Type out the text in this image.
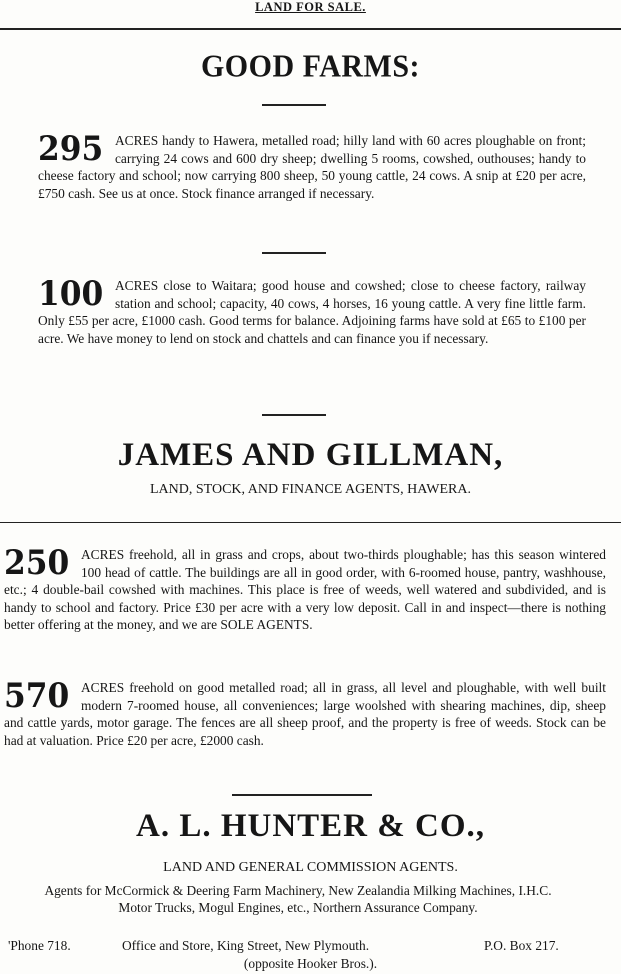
LAND FOR SALE.
GOOD FARMS:
295 ACRES handy to Hawera, metalled road; hilly land with 60 acres ploughable on front; carrying 24 cows and 600 dry sheep; dwelling 5 rooms, cowshed, outhouses; handy to cheese factory and school; now carrying 800 sheep, 50 young cattle, 24 cows. A snip at £20 per acre, £750 cash. See us at once. Stock finance arranged if necessary.
100 ACRES close to Waitara; good house and cowshed; close to cheese factory, railway station and school; capacity, 40 cows, 4 horses, 16 young cattle. A very fine little farm. Only £55 per acre, £1000 cash. Good terms for balance. Adjoining farms have sold at £65 to £100 per acre. We have money to lend on stock and chattels and can finance you if necessary.
JAMES AND GILLMAN,
LAND, STOCK, AND FINANCE AGENTS, HAWERA.
250 ACRES freehold, all in grass and crops, about two-thirds ploughable; has this season wintered 100 head of cattle. The buildings are all in good order, with 6-roomed house, pantry, washhouse, etc.; 4 double-bail cowshed with machines. This place is free of weeds, well watered and subdivided, and is handy to school and factory. Price £30 per acre with a very low deposit. Call in and inspect—there is nothing better offering at the money, and we are SOLE AGENTS.
570 ACRES freehold on good metalled road; all in grass, all level and ploughable, with well built modern 7-roomed house, all conveniences; large woolshed with shearing machines, dip, sheep and cattle yards, motor garage. The fences are all sheep proof, and the property is free of weeds. Stock can be had at valuation. Price £20 per acre, £2000 cash.
A. L. HUNTER & CO.,
LAND AND GENERAL COMMISSION AGENTS.
Agents for McCormick & Deering Farm Machinery, New Zealandia Milking Machines, I.H.C. Motor Trucks, Mogul Engines, etc., Northern Assurance Company.
'Phone 718.	Office and Store, King Street, New Plymouth.	P.O. Box 217.
(opposite Hooker Bros.).
